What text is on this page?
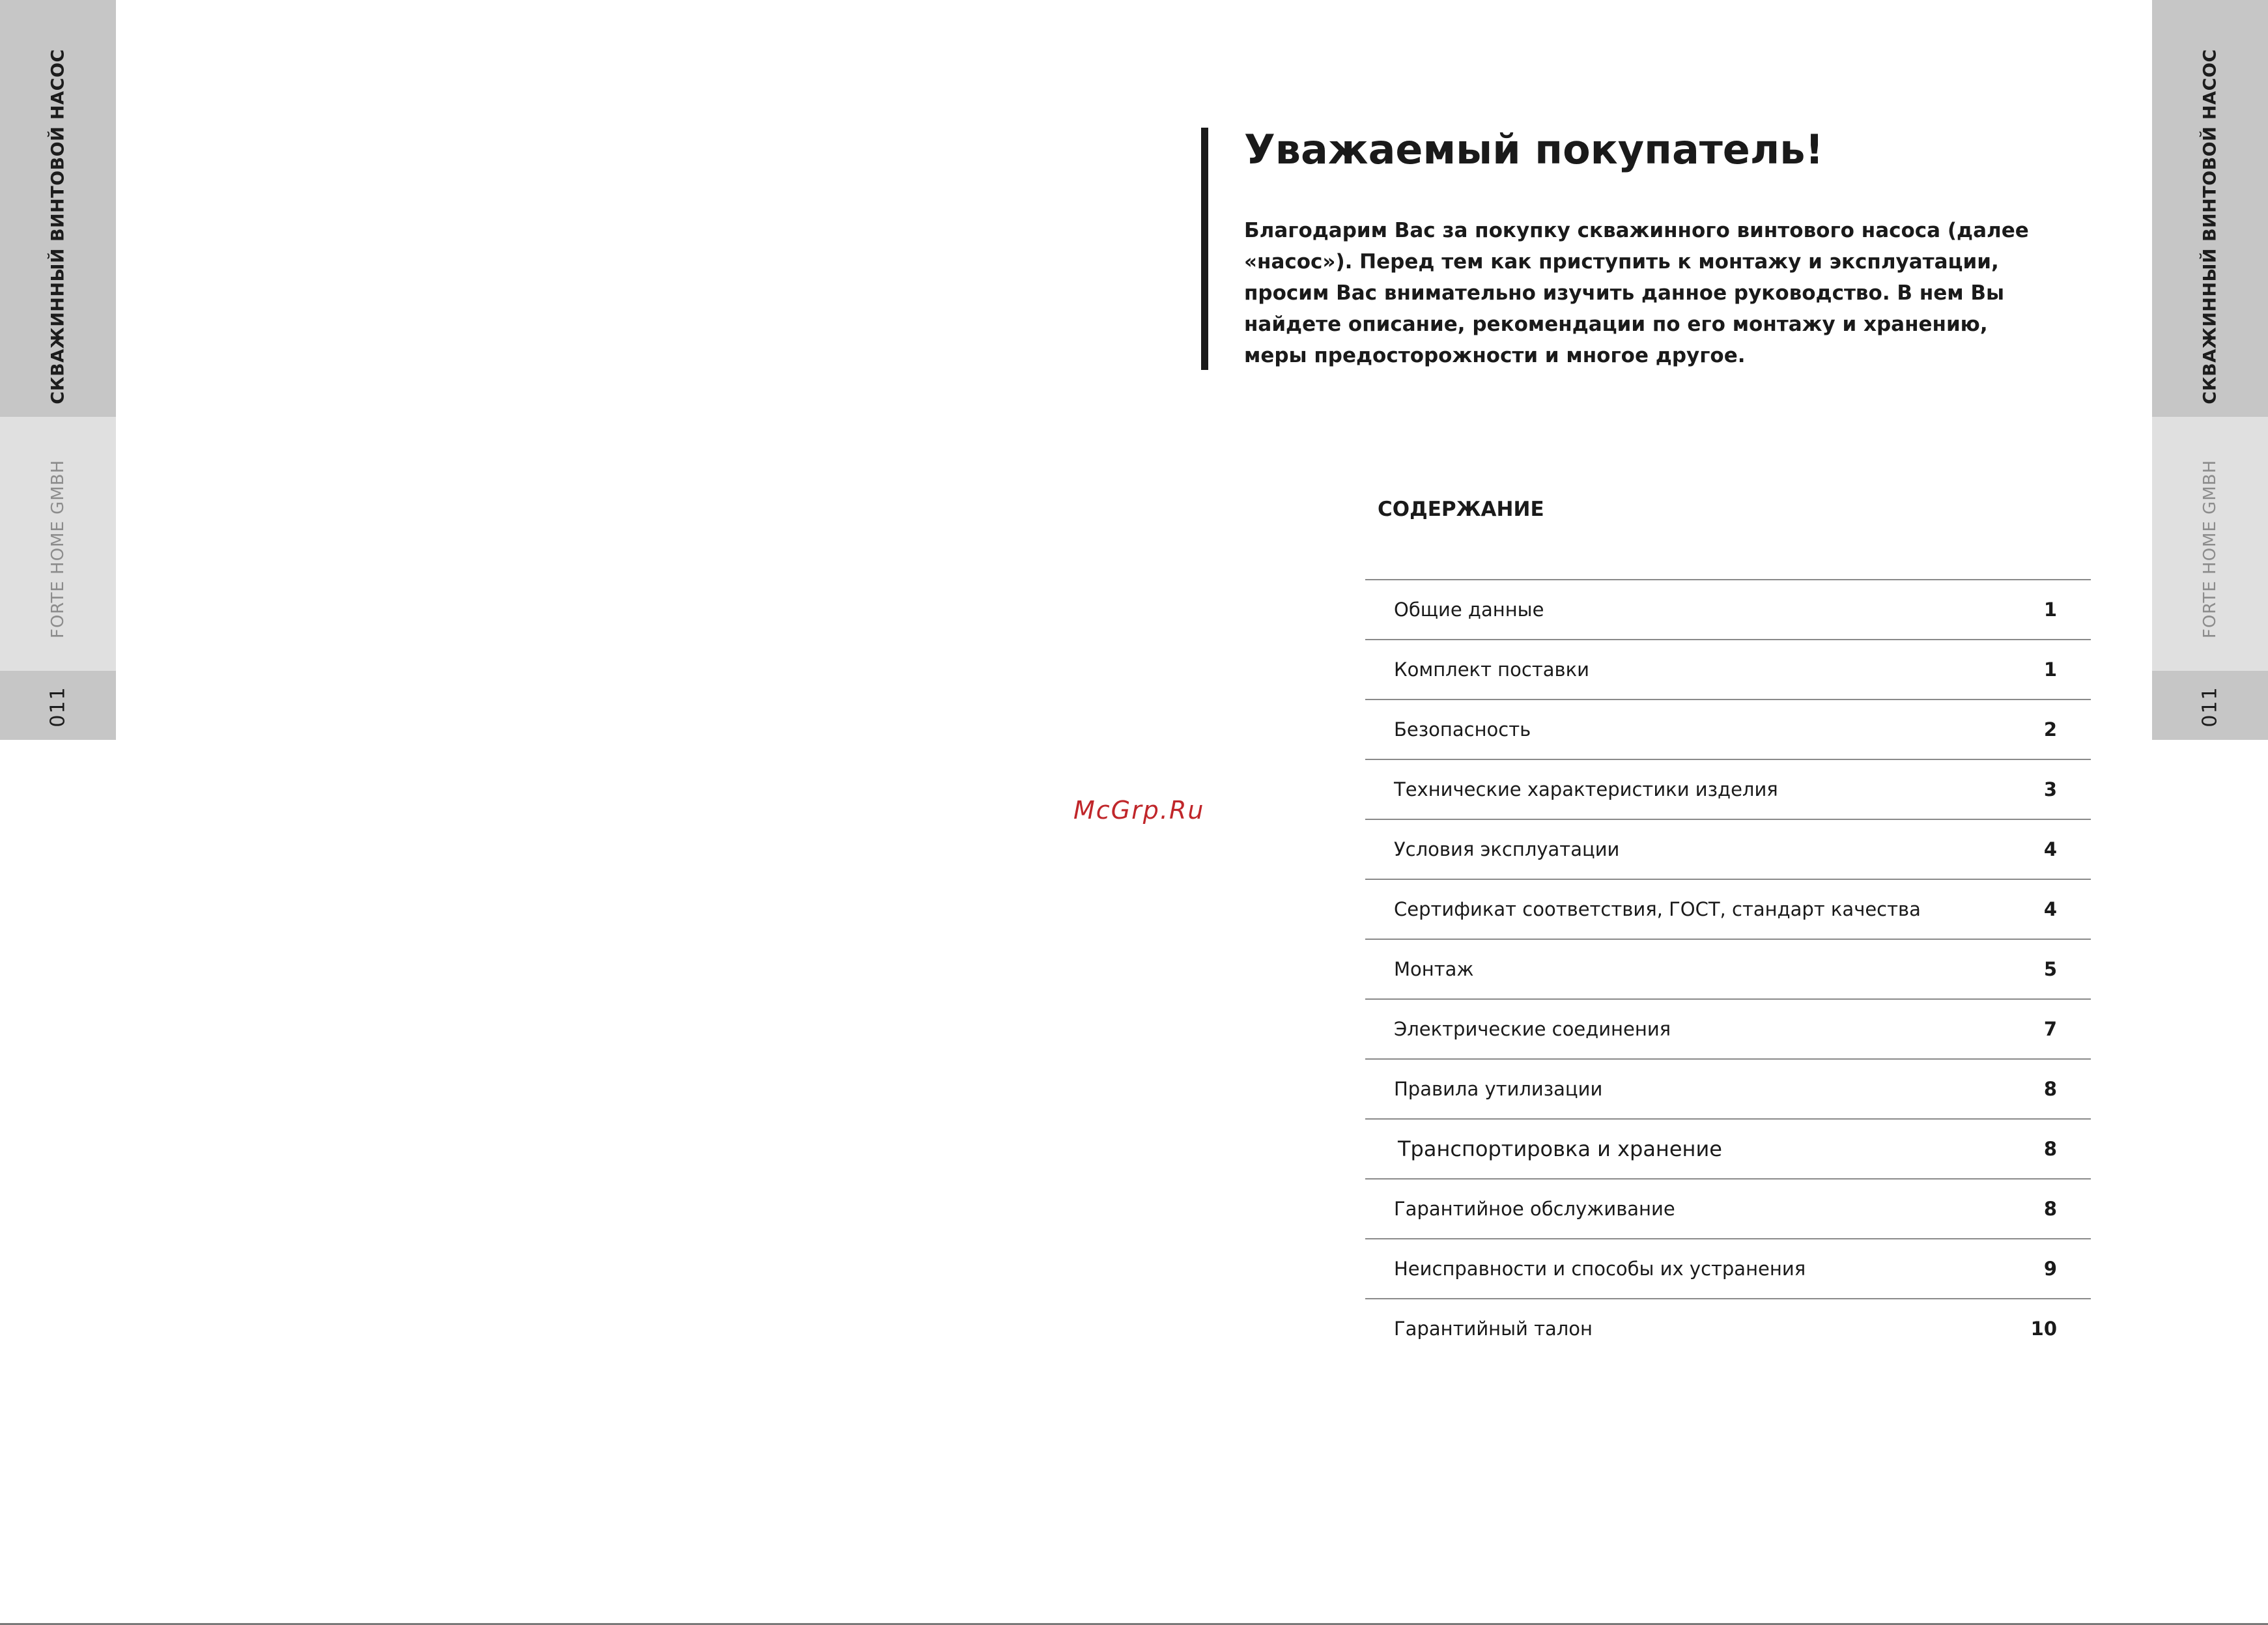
СКВАЖИННЫЙ ВИНТОВОЙ НАСОС
FORTE HOME GMBH
011
СКВАЖИННЫЙ ВИНТОВОЙ НАСОС
FORTE HOME GMBH
011
Уважаемый покупатель!

Благодарим Вас за покупку скважинного винтового насоса (далее «насос»). Перед тем как приступить к монтажу и эксплуатации, просим Вас внимательно изучить данное руководство. В нем Вы найдете описание, рекомендации по его монтажу и хранению, меры предосторожности и многое другое.

СОДЕРЖАНИЕ
Общие данные	1
Комплект поставки	1
Безопасность	2
Технические характеристики изделия	3
Условия эксплуатации	4
Сертификат соответствия, ГОСТ, стандарт качества	4
Монтаж	5
Электрические соединения	7
Правила утилизации	8
Транспортировка и хранение	8
Гарантийное обслуживание	8
Неисправности и способы их устранения	9
Гарантийный талон	10
McGrp.Ru
